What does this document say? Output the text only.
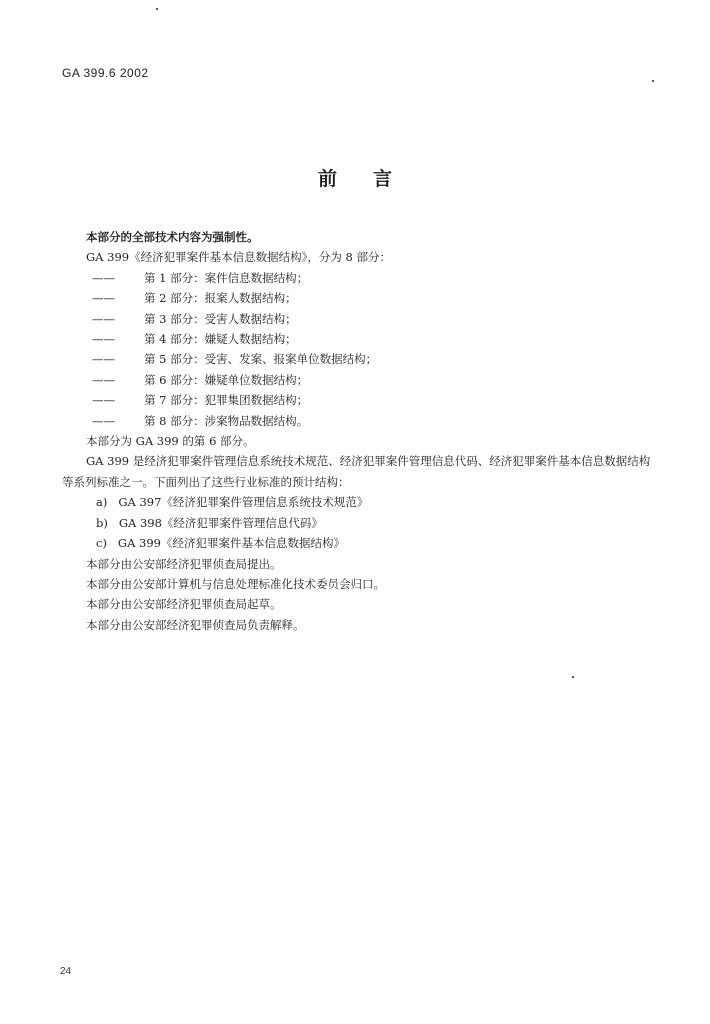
GA 399.6 2002
前言
本部分的全部技术内容为强制性。
GA 399《经济犯罪案件基本信息数据结构》，分为 8 部分：
——	第 1 部分：案件信息数据结构；
——	第 2 部分：报案人数据结构；
——	第 3 部分：受害人数据结构；
——	第 4 部分：嫌疑人数据结构；
——	第 5 部分：受害、发案、报案单位数据结构；
——	第 6 部分：嫌疑单位数据结构；
——	第 7 部分：犯罪集团数据结构；
——	第 8 部分：涉案物品数据结构。
本部分为 GA 399 的第 6 部分。
GA 399 是经济犯罪案件管理信息系统技术规范、经济犯罪案件管理信息代码、经济犯罪案件基本信息数据结构等系列标准之一。下面列出了这些行业标准的预计结构：
a) GA 397《经济犯罪案件管理信息系统技术规范》
b) GA 398《经济犯罪案件管理信息代码》
c) GA 399《经济犯罪案件基本信息数据结构》
本部分由公安部经济犯罪侦查局提出。
本部分由公安部计算机与信息处理标准化技术委员会归口。
本部分由公安部经济犯罪侦查局起草。
本部分由公安部经济犯罪侦查局负责解释。
24
